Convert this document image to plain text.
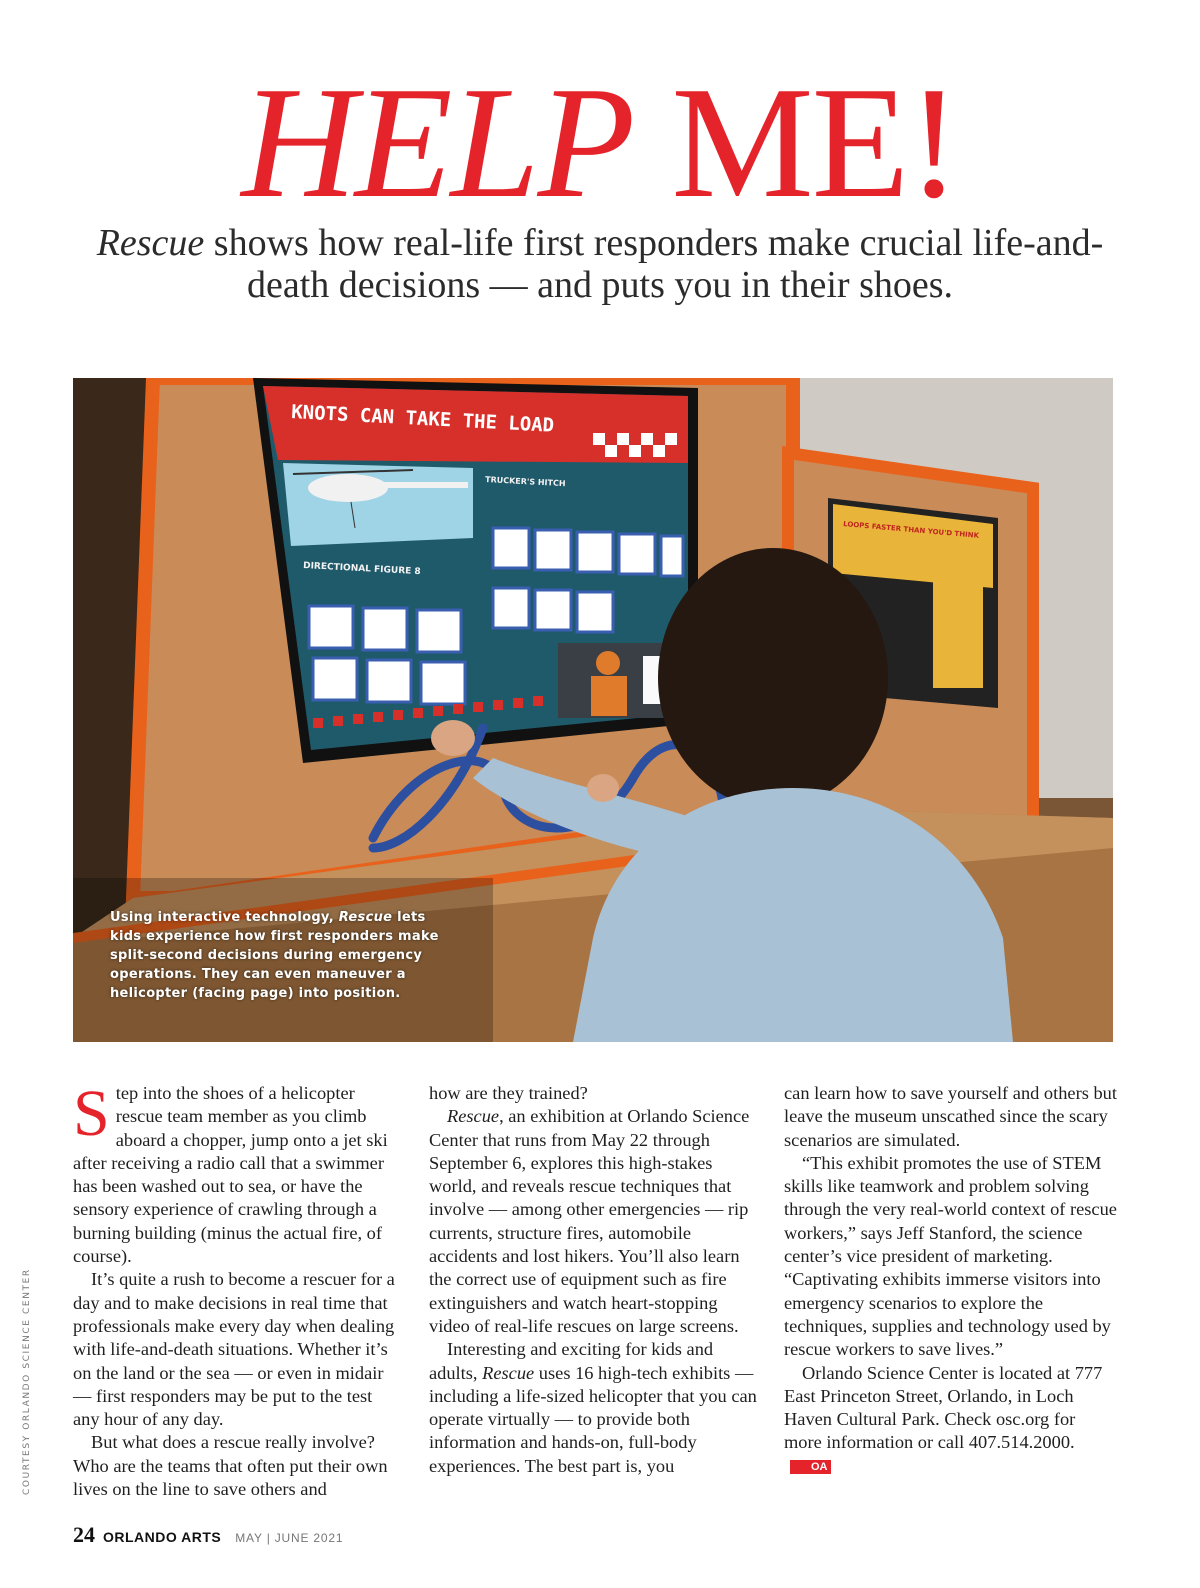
HELP ME!
Rescue shows how real-life first responders make crucial life-and-death decisions — and puts you in their shoes.
LOOPS FASTER THAN YOU'D THINK
KNOTS CAN TAKE THE LOAD
DIRECTIONAL FIGURE 8
TRUCKER'S HITCH
Using interactive technology, Rescue lets kids experience how first responders make split-second decisions during emergency operations. They can even maneuver a helicopter (facing page) into position.

Step into the shoes of a helicopter rescue team member as you climb aboard a chopper, jump onto a jet ski after receiving a radio call that a swimmer has been washed out to sea, or have the sensory experience of crawling through a burning building (minus the actual fire, of course).

It’s quite a rush to become a rescuer for a day and to make decisions in real time that professionals make every day when dealing with life-and-death situations. Whether it’s on the land or the sea — or even in midair — first responders may be put to the test any hour of any day.

But what does a rescue really involve? Who are the teams that often put their own lives on the line to save others and

how are they trained?

Rescue, an exhibition at Orlando Science Center that runs from May 22 through September 6, explores this high-stakes world, and reveals rescue techniques that involve — among other emergencies — rip currents, structure fires, automobile accidents and lost hikers. You’ll also learn the correct use of equipment such as fire extinguishers and watch heart-stopping video of real-life rescues on large screens.

Interesting and exciting for kids and adults, Rescue uses 16 high-tech exhibits — including a life-sized helicopter that you can operate virtually — to provide both information and hands-on, full-body experiences. The best part is, you

can learn how to save yourself and others but leave the museum unscathed since the scary scenarios are simulated.

“This exhibit promotes the use of STEM skills like teamwork and problem solving through the very real-world context of rescue workers,” says Jeff Stanford, the science center’s vice president of marketing. “Captivating exhibits immerse visitors into emergency scenarios to explore the techniques, supplies and technology used by rescue workers to save lives.”

Orlando Science Center is located at 777 East Princeton Street, Orlando, in Loch Haven Cultural Park. Check osc.org for more information or call 407.514.2000.OA

COURTESY ORLANDO SCIENCE CENTER
24 ORLANDO ARTS MAY | JUNE 2021
